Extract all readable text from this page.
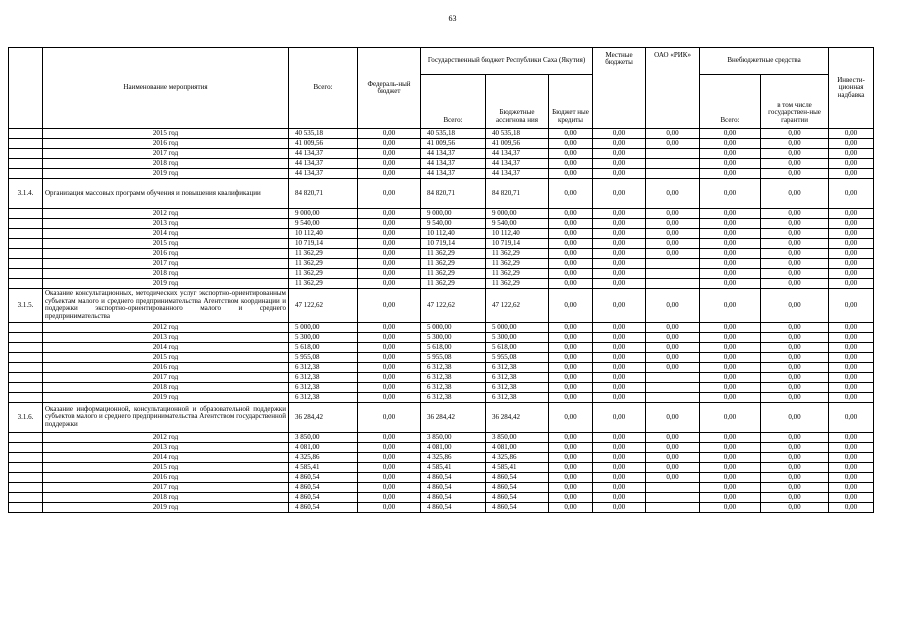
63
	Наименование мероприятия	Всего:	Федераль-ный бюджет	Государственный бюджет Республики Саха (Якутия)			Местные бюджеты	ОАО «РИК»	Внебюджетные средства		Инвести-ционная надбавка
				Всего:	Бюджетные ассигнова ния	Бюджет ные кредиты			Всего:	в том числе государствен-ные гарантии	
	2015 год	40 535,18	0,00	40 535,18	40 535,18	0,00	0,00	0,00	0,00	0,00	0,00
	2016 год	41 009,56	0,00	41 009,56	41 009,56	0,00	0,00	0,00	0,00	0,00	0,00
	2017 год	44 134,37	0,00	44 134,37	44 134,37	0,00	0,00		0,00	0,00	0,00
	2018 год	44 134,37	0,00	44 134,37	44 134,37	0,00	0,00		0,00	0,00	0,00
	2019 год	44 134,37	0,00	44 134,37	44 134,37	0,00	0,00		0,00	0,00	0,00
3.1.4.	Организация массовых программ обучения и повышения квалификации	84 820,71	0,00	84 820,71	84 820,71	0,00	0,00	0,00	0,00	0,00	0,00
	2012 год	9 000,00	0,00	9 000,00	9 000,00	0,00	0,00	0,00	0,00	0,00	0,00
	2013 год	9 540,00	0,00	9 540,00	9 540,00	0,00	0,00	0,00	0,00	0,00	0,00
	2014 год	10 112,40	0,00	10 112,40	10 112,40	0,00	0,00	0,00	0,00	0,00	0,00
	2015 год	10 719,14	0,00	10 719,14	10 719,14	0,00	0,00	0,00	0,00	0,00	0,00
	2016 год	11 362,29	0,00	11 362,29	11 362,29	0,00	0,00	0,00	0,00	0,00	0,00
	2017 год	11 362,29	0,00	11 362,29	11 362,29	0,00	0,00		0,00	0,00	0,00
	2018 год	11 362,29	0,00	11 362,29	11 362,29	0,00	0,00		0,00	0,00	0,00
	2019 год	11 362,29	0,00	11 362,29	11 362,29	0,00	0,00		0,00	0,00	0,00
3.1.5.	Оказание консультационных, методических услуг экспортно-ориентированным субъектам малого и среднего предпринимательства Агентством координации и поддержки экспортно-ориентированного малого и среднего предпринимательства	47 122,62	0,00	47 122,62	47 122,62	0,00	0,00	0,00	0,00	0,00	0,00
	2012 год	5 000,00	0,00	5 000,00	5 000,00	0,00	0,00	0,00	0,00	0,00	0,00
	2013 год	5 300,00	0,00	5 300,00	5 300,00	0,00	0,00	0,00	0,00	0,00	0,00
	2014 год	5 618,00	0,00	5 618,00	5 618,00	0,00	0,00	0,00	0,00	0,00	0,00
	2015 год	5 955,08	0,00	5 955,08	5 955,08	0,00	0,00	0,00	0,00	0,00	0,00
	2016 год	6 312,38	0,00	6 312,38	6 312,38	0,00	0,00	0,00	0,00	0,00	0,00
	2017 год	6 312,38	0,00	6 312,38	6 312,38	0,00	0,00		0,00	0,00	0,00
	2018 год	6 312,38	0,00	6 312,38	6 312,38	0,00	0,00		0,00	0,00	0,00
	2019 год	6 312,38	0,00	6 312,38	6 312,38	0,00	0,00		0,00	0,00	0,00
3.1.6.	Оказание информационной, консультационной и образовательной поддержки субъектов малого и среднего предпринимательства Агентством государственной поддержки	36 284,42	0,00	36 284,42	36 284,42	0,00	0,00	0,00	0,00	0,00	0,00
	2012 год	3 850,00	0,00	3 850,00	3 850,00	0,00	0,00	0,00	0,00	0,00	0,00
	2013 год	4 081,00	0,00	4 081,00	4 081,00	0,00	0,00	0,00	0,00	0,00	0,00
	2014 год	4 325,86	0,00	4 325,86	4 325,86	0,00	0,00	0,00	0,00	0,00	0,00
	2015 год	4 585,41	0,00	4 585,41	4 585,41	0,00	0,00	0,00	0,00	0,00	0,00
	2016 год	4 860,54	0,00	4 860,54	4 860,54	0,00	0,00	0,00	0,00	0,00	0,00
	2017 год	4 860,54	0,00	4 860,54	4 860,54	0,00	0,00		0,00	0,00	0,00
	2018 год	4 860,54	0,00	4 860,54	4 860,54	0,00	0,00		0,00	0,00	0,00
	2019 год	4 860,54	0,00	4 860,54	4 860,54	0,00	0,00		0,00	0,00	0,00
